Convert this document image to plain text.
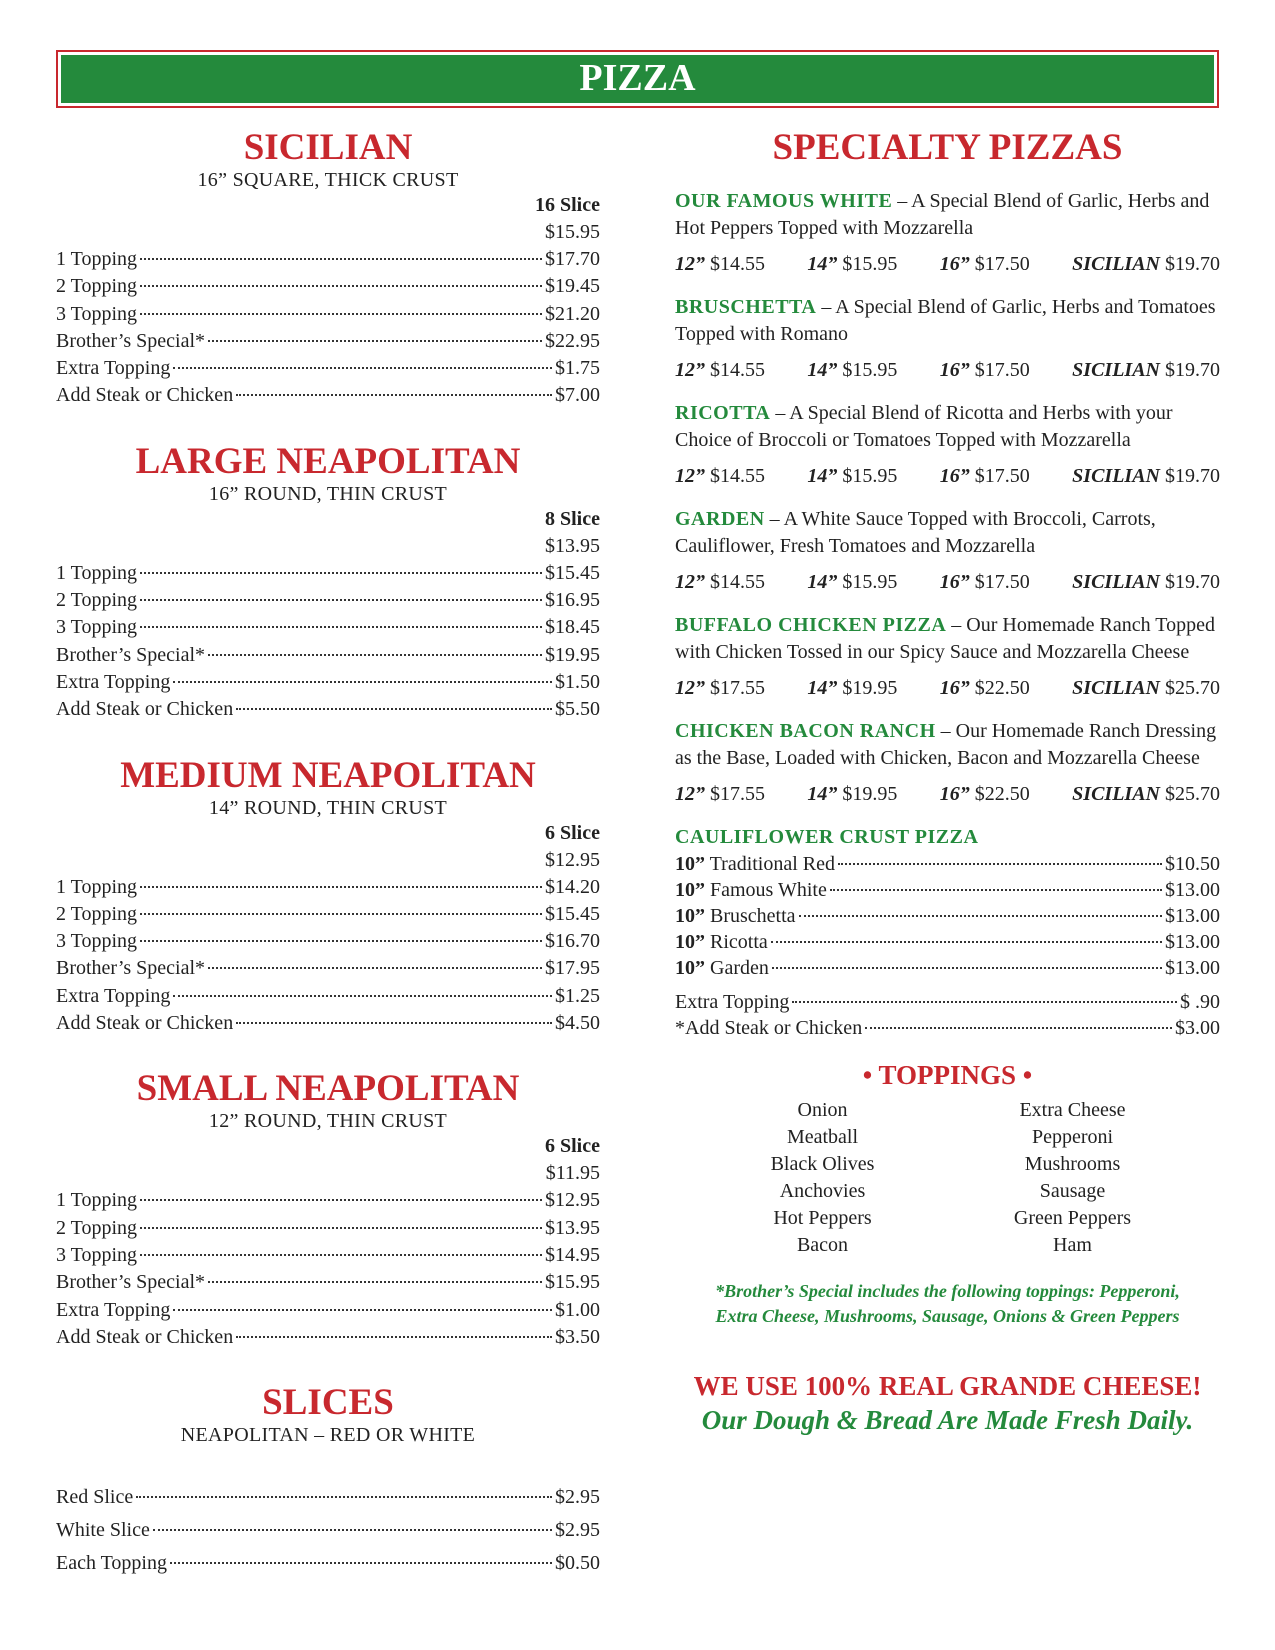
PIZZA
SICILIAN
16” SQUARE, THICK CRUST
16 Slice
$15.95
1 Topping	$17.70
2 Topping	$19.45
3 Topping	$21.20
Brother’s Special*	$22.95
Extra Topping	$1.75
Add Steak or Chicken	$7.00
LARGE NEAPOLITAN
16” ROUND, THIN CRUST
8 Slice
$13.95
1 Topping	$15.45
2 Topping	$16.95
3 Topping	$18.45
Brother’s Special*	$19.95
Extra Topping	$1.50
Add Steak or Chicken	$5.50
MEDIUM NEAPOLITAN
14” ROUND, THIN CRUST
6 Slice
$12.95
1 Topping	$14.20
2 Topping	$15.45
3 Topping	$16.70
Brother’s Special*	$17.95
Extra Topping	$1.25
Add Steak or Chicken	$4.50
SMALL NEAPOLITAN
12” ROUND, THIN CRUST
6 Slice
$11.95
1 Topping	$12.95
2 Topping	$13.95
3 Topping	$14.95
Brother’s Special*	$15.95
Extra Topping	$1.00
Add Steak or Chicken	$3.50
SLICES
NEAPOLITAN – RED OR WHITE
Red Slice	$2.95
White Slice	$2.95
Each Topping	$0.50
SPECIALTY PIZZAS
OUR FAMOUS WHITE – A Special Blend of Garlic, Herbs and Hot Peppers Topped with Mozzarella
12” $14.55 14” $15.95 16” $17.50 SICILIAN $19.70
BRUSCHETTA – A Special Blend of Garlic, Herbs and Tomatoes Topped with Romano
12” $14.55 14” $15.95 16” $17.50 SICILIAN $19.70
RICOTTA – A Special Blend of Ricotta and Herbs with your Choice of Broccoli or Tomatoes Topped with Mozzarella
12” $14.55 14” $15.95 16” $17.50 SICILIAN $19.70
GARDEN – A White Sauce Topped with Broccoli, Carrots, Cauliflower, Fresh Tomatoes and Mozzarella
12” $14.55 14” $15.95 16” $17.50 SICILIAN $19.70
BUFFALO CHICKEN PIZZA – Our Homemade Ranch Topped with Chicken Tossed in our Spicy Sauce and Mozzarella Cheese
12” $17.55 14” $19.95 16” $22.50 SICILIAN $25.70
CHICKEN BACON RANCH – Our Homemade Ranch Dressing as the Base, Loaded with Chicken, Bacon and Mozzarella Cheese
12” $17.55 14” $19.95 16” $22.50 SICILIAN $25.70
CAULIFLOWER CRUST PIZZA
10” Traditional Red	$10.50
10” Famous White	$13.00
10” Bruschetta	$13.00
10” Ricotta	$13.00
10” Garden	$13.00
Extra Topping	$ .90
*Add Steak or Chicken	$3.00
• TOPPINGS •
Onion
Meatball
Black Olives
Anchovies
Hot Peppers
Bacon
Extra Cheese
Pepperoni
Mushrooms
Sausage
Green Peppers
Ham
*Brother’s Special includes the following toppings: Pepperoni,
Extra Cheese, Mushrooms, Sausage, Onions & Green Peppers
WE USE 100% REAL GRANDE CHEESE!
Our Dough & Bread Are Made Fresh Daily.
